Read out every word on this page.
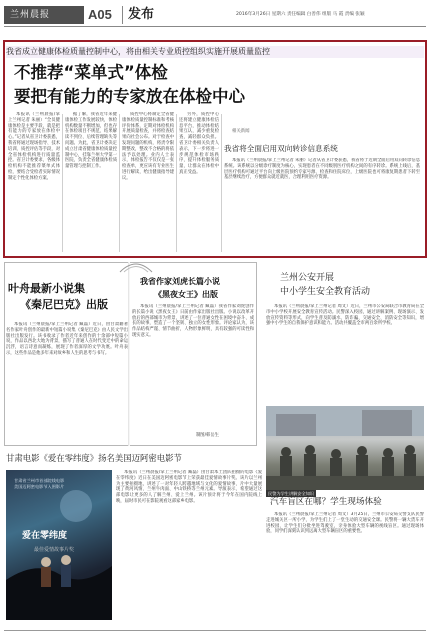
兰州晨报	A05 发布	2016年3月26日 星期六 责任编辑 白善伟 组版 马 霞 责编 张颖
我省成立健康体检质量控制中心，将由相关专业质控组织实施开展质量监控
不推荐“菜单式”体检
要把有能力的专家放在体检中心

本报讯（兰州晨报/掌上兰州记者 朱丽）“全员健康体检是主要手段，就是把有能力的专家放在体检中心。”记者从省卫计委获悉，我省将通过现场指导、技术培训、质控评估等手段，对全省体检机构进行质量监控。省卫计委要求，各级体检机构不能推荐菜单式体检，要结合受检者实际情况制定个性化体检方案。

据了解，我省近年来健康体检工作发展较快，体检机构数量不断增加，但也存在体检项目不规范、结果解读不到位、后续管理缺失等问题。为此，省卫计委决定成立甘肃省健康体检质量控制中心，挂靠兰州大学第一医院，负责全省健康体检质量管理与控制工作。

质控中心将制定全省健康体检质量控制标准和考核评价体系，定期对体检机构开展质量检查，并将检查结果向社会公布。对于检查中发现问题的机构，将责令限期整改，整改不合格的将依法予以处理。业内人士表示，体检报告不仅仅是一张检查单，更应该有专业医生进行解读，给出健康指导建议。

另外，质控中心还将建立健康体检信息平台，推动体检结果互认，减少重复检查，减轻群众负担。省卫计委相关负责人表示，下一步将进一步规范体检市场秩序，提升体检服务质量，让群众在体检中真正受益。

相关新闻
我省将全面启用双向转诊信息系统

本报讯（兰州晨报/掌上兰州记者 朱丽）记者从省卫计委获悉，我省将于近期全面启用双向转诊信息系统。该系统以分级诊疗制度为核心，实现患者在不同级别医疗机构之间的有序转诊。系统上线后，基层医疗机构可通过平台向上级医院预约专家号源、检查和住院床位，上级医院也可将康复期患者下转至基层继续治疗，方便群众就近就医，合理利用医疗资源。

叶舟最新小说集
《秦尼巴克》出版

本报讯（兰州晨报/掌上兰州记者 臧磊）近日，由甘肃籍著名作家叶舟创作的最新中短篇小说集《秦尼巴克》由人民文学出版社出版发行。该书收录了作者近年来创作的十余部中短篇小说，作品以西北大地为背景，描写了普通人在时代变迁中的命运沉浮，语言诗意而凝练，展现了作者深厚的文学功底。叶舟表示，这些作品是他多年来对故乡和人生的思考与书写。

我省作家刘虎长篇小说
《黑夜女王》出版

本报讯（兰州晨报/掌上兰州记者 臧磊）我省作家刘虎创作的长篇小说《黑夜女王》日前由作家出版社出版。小说以改革开放后的西部城市为背景，讲述了一位普通女性在困境中奋斗、成长的故事，塑造了一个坚韧、独立的女性形象。评论家认为，该作品结构严谨、情节曲折，人物形象鲜明，具有较强的可读性和现实意义。

制图/韩岳生
兰州公安开展
中小学生安全教育活动

本报讯（兰州晨报/掌上兰州记者 周文）近日，兰州市公安局联合市教育局在全市中小学校开展安全教育宣传活动。民警深入校园，通过讲解案例、现场演示、发放宣传资料等形式，向学生普及防溺水、防诈骗、交通安全、消防安全等知识，增强中小学生的自我保护意识和能力。活动共覆盖全市两百余所学校。

民警为学生讲解安全知识
汽车盲区在哪？学生现场体验

本报讯（兰州晨报/掌上兰州记者 周文）3月25日，兰州市公安局交警支队民警走进城关区一所小学，为学生们上了一堂生动的交通安全课。民警将一辆大货车开进校园，让学生们分批坐进驾驶室，亲身体验大型车辆的视线盲区。通过现场体验，同学们深刻认识到远离大型车辆盲区的重要性。

甘肃电影《爱在零纬度》扬名美国迈阿密电影节
甘肃省兰州市首部院线电影
美国迈阿密电影节入围影片
爱在零纬度
最佳爱情故事片奖

本报讯（兰州晨报/掌上兰州记者 臧磊）由甘肃本土团队拍摄的电影《爱在零纬度》近日在美国迈阿密电影节上荣获最佳爱情故事片奖。该片以兰州为主要拍摄地，讲述了一对年轻人跨越地域与文化的爱情故事，片中大量展现了黄河风情、兰州牛肉面、中山铁桥等兰州元素。导演表示，希望通过这部电影让更多的人了解兰州、爱上兰州。该片预计将于今年在国内院线上映，届时市民可在影院观看这部家乡电影。
